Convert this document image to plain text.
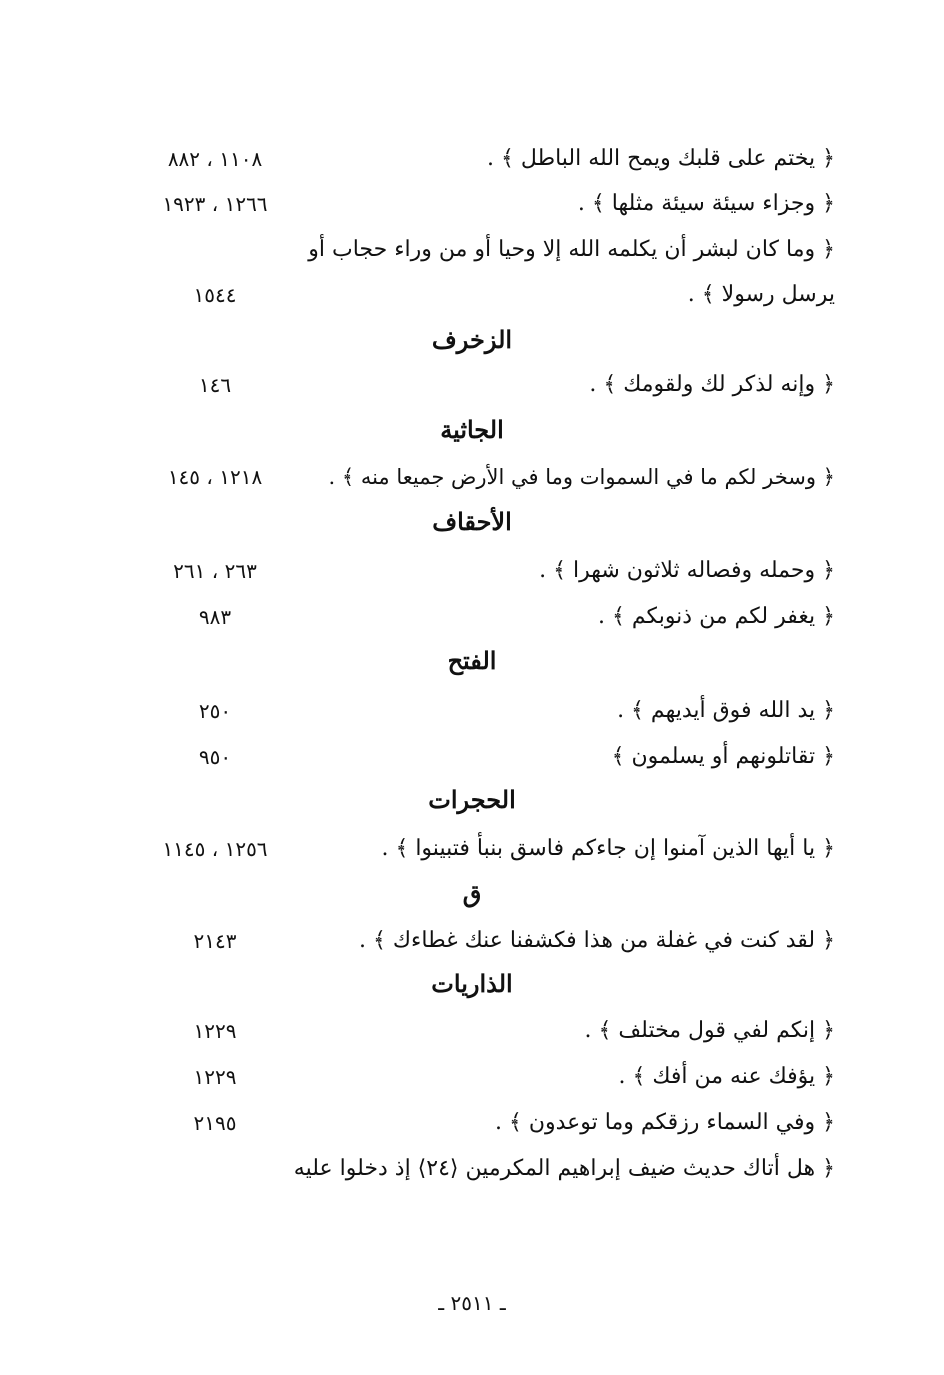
﴿ يختم على قلبك ويمح الله الباطل ﴾ .
١١٠٨ ، ٨٨٢
﴿ وجزاء سيئة سيئة مثلها ﴾ .
١٢٦٦ ، ١٩٢٣
﴿ وما كان لبشر أن يكلمه الله إلا وحيا أو من وراء حجاب أو
يرسل رسولا ﴾ .
١٥٤٤
الزخرف
﴿ وإنه لذكر لك ولقومك ﴾ .
١٤٦
الجاثية
﴿ وسخر لكم ما في السموات وما في الأرض جميعا منه ﴾ .
١٢١٨ ، ١٤٥
الأحقاف
﴿ وحمله وفصاله ثلاثون شهرا ﴾ .
٢٦٣ ، ٢٦١
﴿ يغفر لكم من ذنوبكم ﴾ .
٩٨٣
الفتح
﴿ يد الله فوق أيديهم ﴾ .
٢٥٠
﴿ تقاتلونهم أو يسلمون ﴾
٩٥٠
الحجرات
﴿ يا أيها الذين آمنوا إن جاءكم فاسق بنبأ فتبينوا ﴾ .
١٢٥٦ ، ١١٤٥
ق
﴿ لقد كنت في غفلة من هذا فكشفنا عنك غطاءك ﴾ .
٢١٤٣
الذاريات
﴿ إنكم لفي قول مختلف ﴾ .
١٢٢٩
﴿ يؤفك عنه من أفك ﴾ .
١٢٢٩
﴿ وفي السماء رزقكم وما توعدون ﴾ .
٢١٩٥
﴿ هل أتاك حديث ضيف إبراهيم المكرمين ⟨٢٤⟩ إذ دخلوا عليه
ـ ٢٥١١ ـ
